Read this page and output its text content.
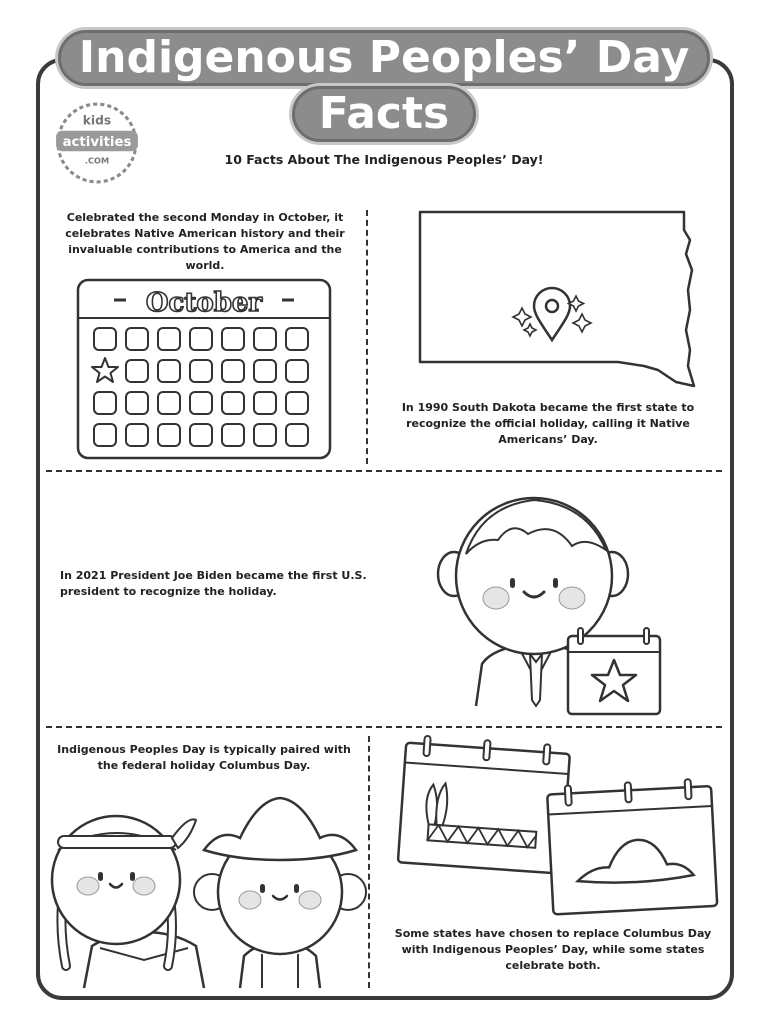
Indigenous Peoples’ Day
Facts
kids
activities
.COM	10 Facts About The Indigenous Peoples’ Day!
Celebrated the second Monday in October, it celebrates Native American history and their invaluable contributions to America and the world.
October
In 1990 South Dakota became the first state to recognize the official holiday, calling it Native Americans’ Day.
In 2021 President Joe Biden became the first U.S. president to recognize the holiday.
Indigenous Peoples Day is typically paired with the federal holiday Columbus Day.
Some states have chosen to replace Columbus Day with Indigenous Peoples’ Day, while some states celebrate both.
